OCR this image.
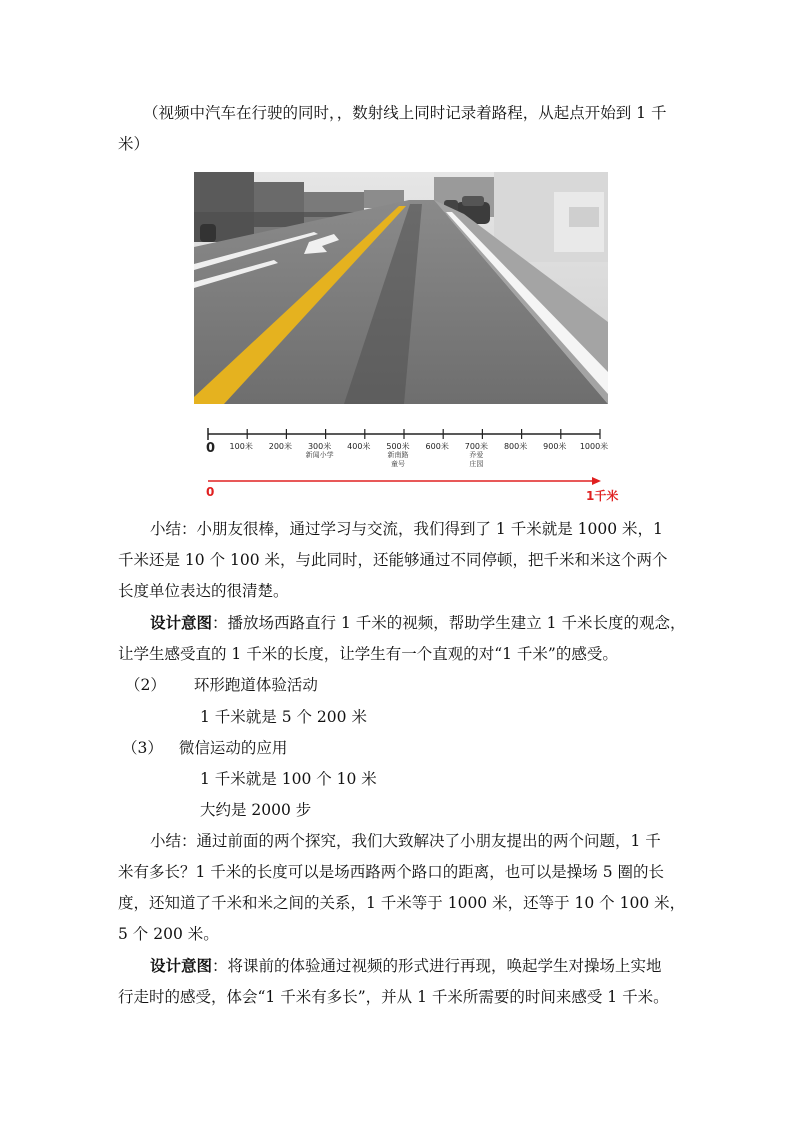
（视频中汽车在行驶的同时，，数射线上同时记录着路程，从起点开始到 1 千
米）
0 100米 200米 300米 400米 500米 600米 700米 800米 900米 1000米
新闻小学	新南路
童号
乔爱
庄园
0	1千米
小结：小朋友很棒，通过学习与交流，我们得到了 1 千米就是 1000 米，1
千米还是 10 个 100 米，与此同时，还能够通过不同停顿，把千米和米这个两个
长度单位表达的很清楚。
设计意图：播放场西路直行 1 千米的视频，帮助学生建立 1 千米长度的观念，
让学生感受直的 1 千米的长度，让学生有一个直观的对“1 千米”的感受。
（2） 环形跑道体验活动
1 千米就是 5 个 200 米
（3） 微信运动的应用
1 千米就是 100 个 10 米
大约是 2000 步
小结：通过前面的两个探究，我们大致解决了小朋友提出的两个问题，1 千
米有多长？1 千米的长度可以是场西路两个路口的距离，也可以是操场 5 圈的长
度，还知道了千米和米之间的关系，1 千米等于 1000 米，还等于 10 个 100 米，
5 个 200 米。
设计意图：将课前的体验通过视频的形式进行再现，唤起学生对操场上实地
行走时的感受，体会“1 千米有多长”，并从 1 千米所需要的时间来感受 1 千米。
